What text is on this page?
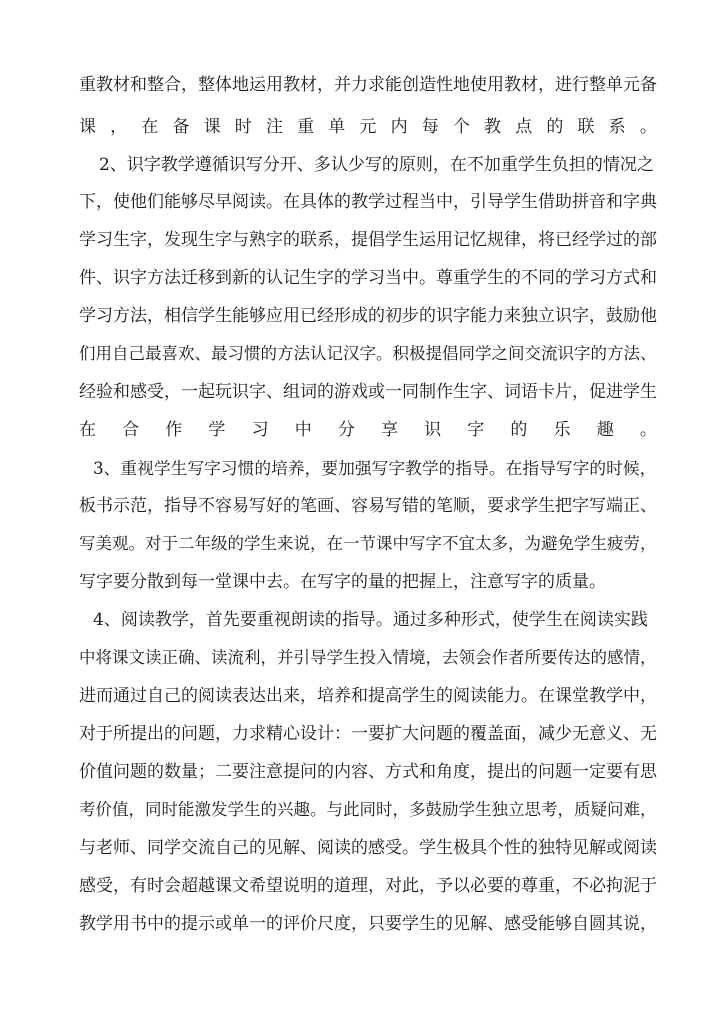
重教材和整合，整体地运用教材，并力求能创造性地使用教材，进行整单元备
课 ， 在 备 课 时 注 重 单 元 内 每 个 教 点 的 联 系 。
2、识字教学遵循识写分开、多认少写的原则，在不加重学生负担的情况之
下，使他们能够尽早阅读。在具体的教学过程当中，引导学生借助拼音和字典
学习生字，发现生字与熟字的联系，提倡学生运用记忆规律，将已经学过的部
件、识字方法迁移到新的认记生字的学习当中。尊重学生的不同的学习方式和
学习方法，相信学生能够应用已经形成的初步的识字能力来独立识字，鼓励他
们用自己最喜欢、最习惯的方法认记汉字。积极提倡同学之间交流识字的方法、
经验和感受，一起玩识字、组词的游戏或一同制作生字、词语卡片，促进学生
在 合 作 学 习 中 分 享 识 字 的 乐 趣 。
3、重视学生写字习惯的培养，要加强写字教学的指导。在指导写字的时候，
板书示范，指导不容易写好的笔画、容易写错的笔顺，要求学生把字写端正、
写美观。对于二年级的学生来说，在一节课中写字不宜太多，为避免学生疲劳，
写字要分散到每一堂课中去。在写字的量的把握上，注意写字的质量。
4、阅读教学，首先要重视朗读的指导。通过多种形式，使学生在阅读实践
中将课文读正确、读流利，并引导学生投入情境，去领会作者所要传达的感情，
进而通过自己的阅读表达出来，培养和提高学生的阅读能力。在课堂教学中，
对于所提出的问题，力求精心设计：一要扩大问题的覆盖面，减少无意义、无
价值问题的数量；二要注意提问的内容、方式和角度，提出的问题一定要有思
考价值，同时能激发学生的兴趣。与此同时，多鼓励学生独立思考，质疑问难，
与老师、同学交流自己的见解、阅读的感受。学生极具个性的独特见解或阅读
感受，有时会超越课文希望说明的道理，对此，予以必要的尊重，不必拘泥于
教学用书中的提示或单一的评价尺度，只要学生的见解、感受能够自圆其说，
